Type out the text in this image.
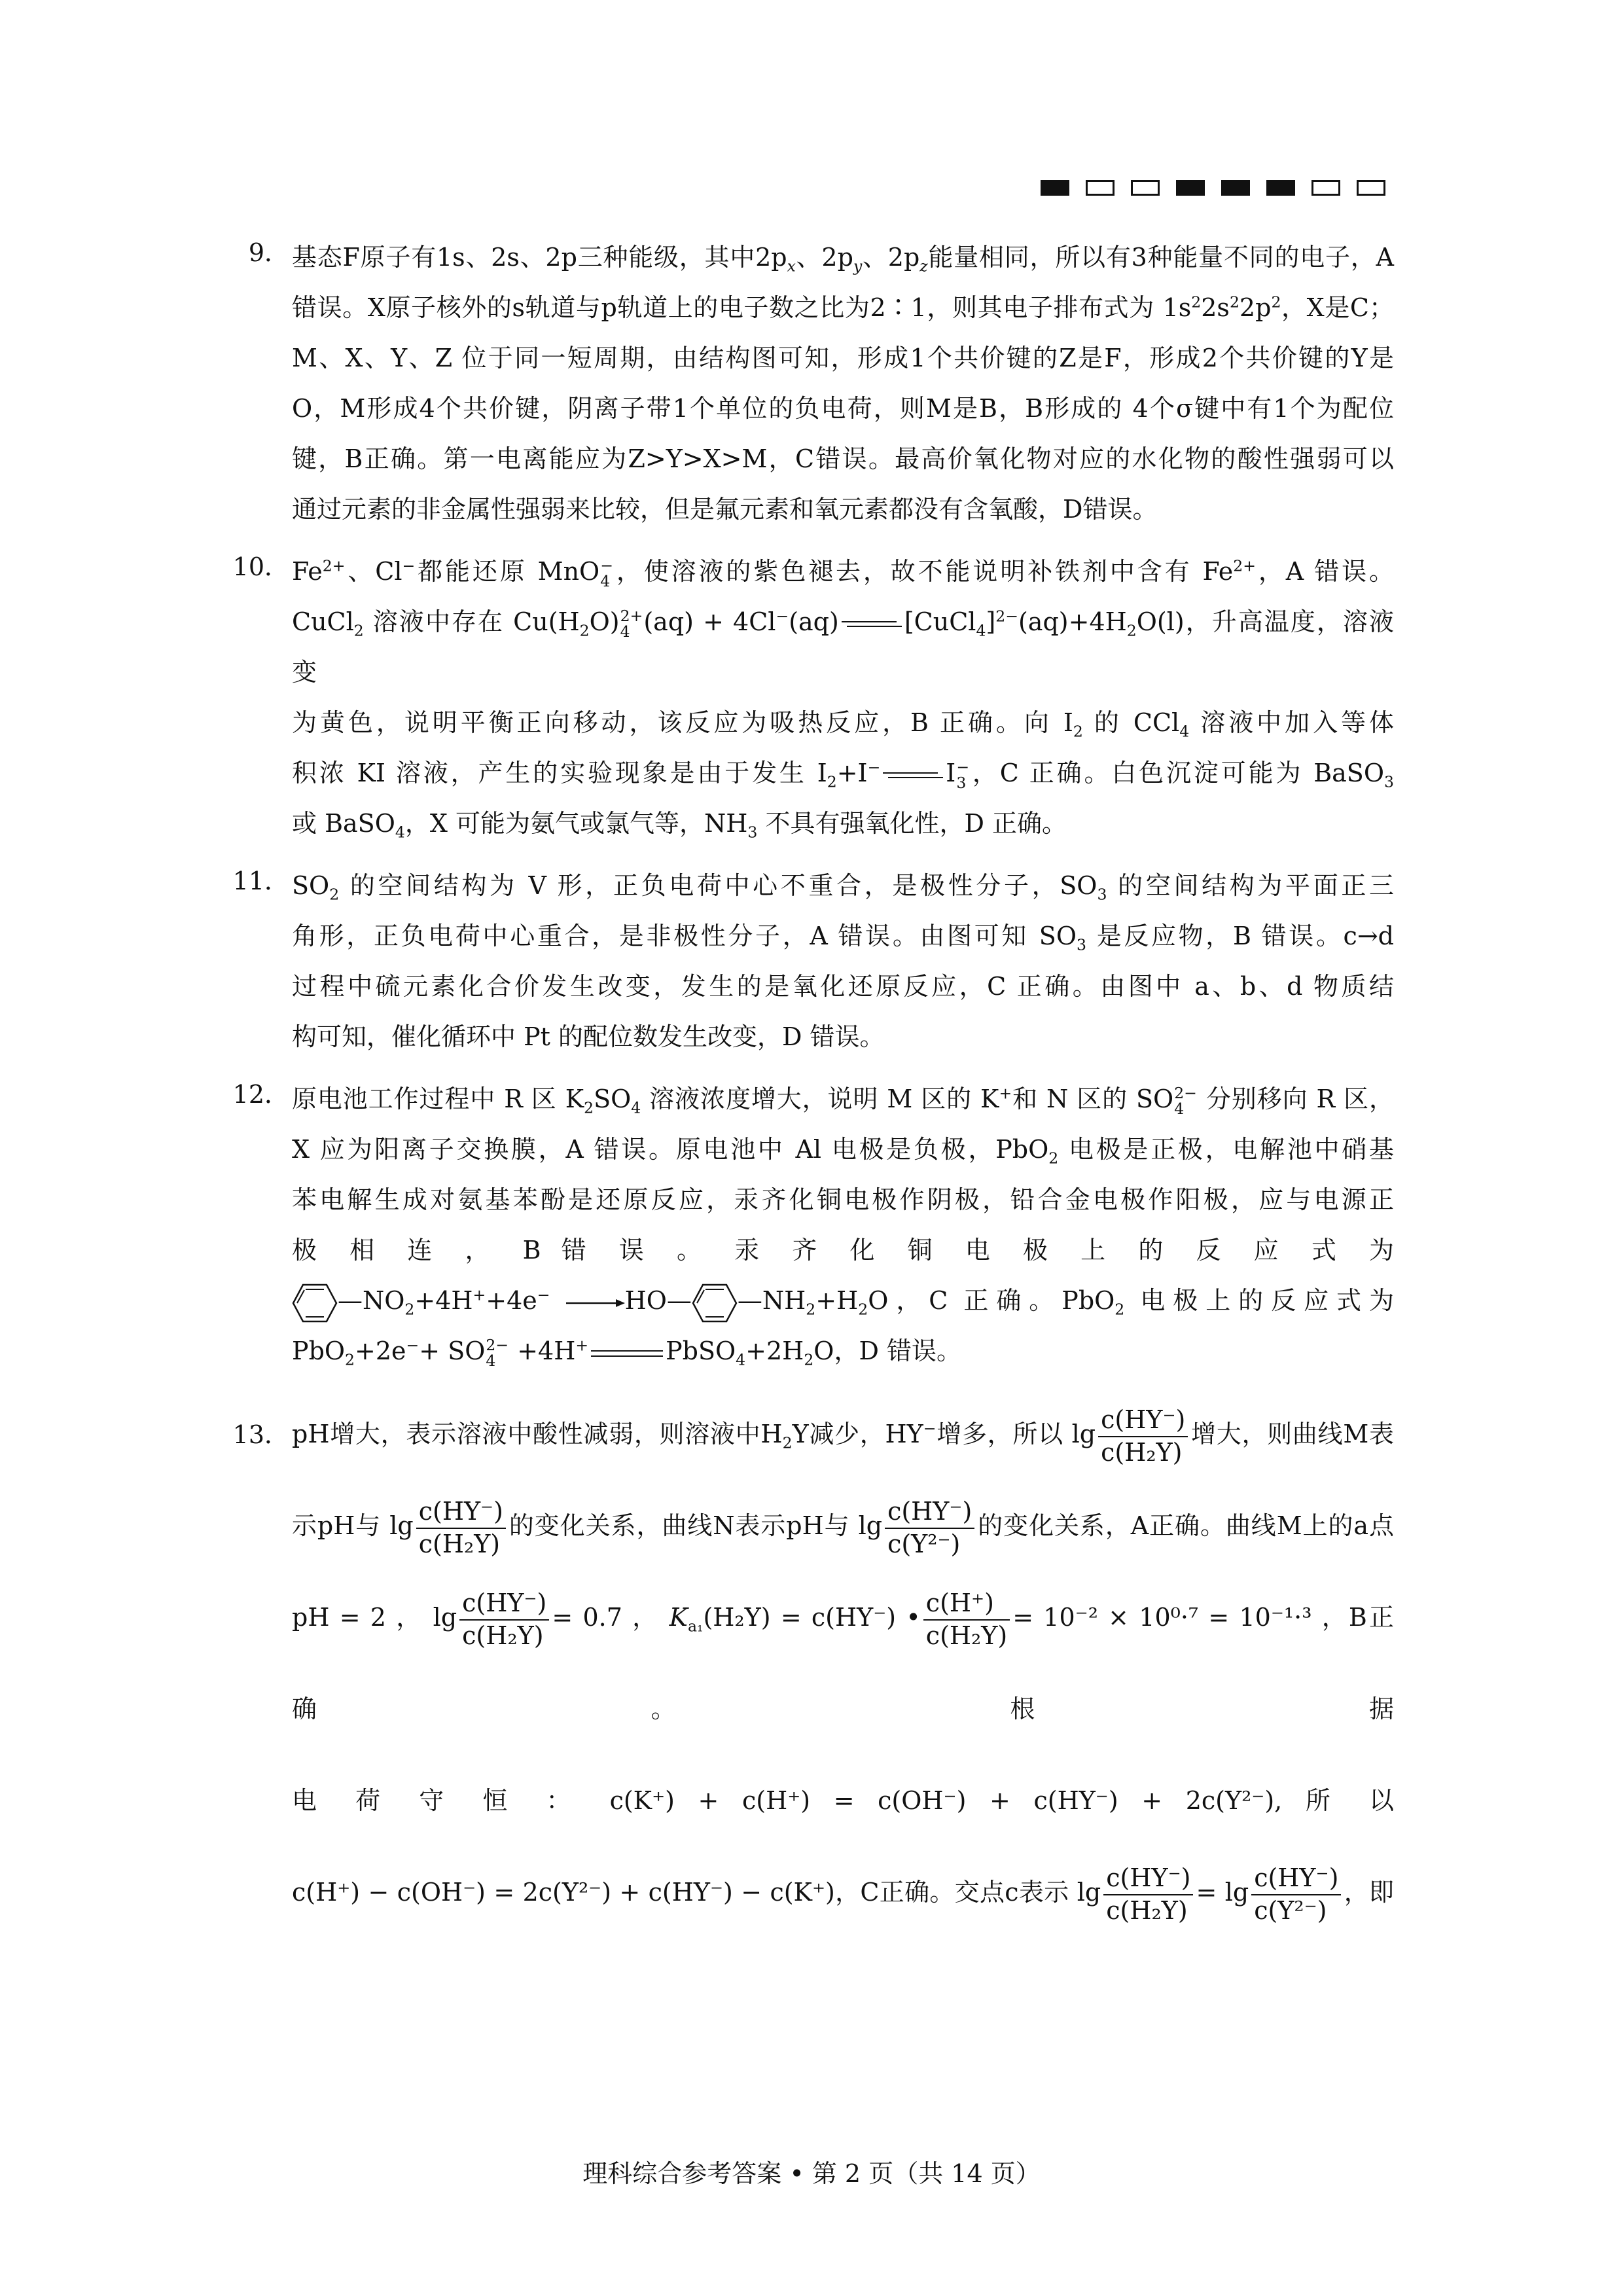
9． 基态F原子有1s、2s、2p三种能级，其中$2p_x$、$2p_y$、$2p_z$能量相同，所以有3种能量不同的电子，A

错误。X原子核外的s轨道与p轨道上的电子数之比为2∶1，则其电子排布式为 $1s^22s^22p^2$，X是C；

M、X、Y、Z 位于同一短周期，由结构图可知，形成1个共价键的Z是F，形成2个共价键的Y是

O，M形成4个共价键，阴离子带1个单位的负电荷，则M是B，B形成的 4个σ键中有1个为配位

键，B正确。第一电离能应为Z>Y>X>M，C错误。最高价氧化物对应的水化物的酸性强弱可以

通过元素的非金属性强弱来比较，但是氟元素和氧元素都没有含氧酸，D错误。

10． $Fe^{2+}$、Cl−都能还原 MnO −
4 ，使溶液的紫色褪去，故不能说明补铁剂中含有 $Fe^{2+}$，A 错误。

CuCl$_2$ 溶液中存在 $Cu(H_2O)$ 2+
4 (aq) + 4Cl−(aq)	$[CuCl_4]^{2-}(aq)+4H_2O(l)$，升高温度，溶液变

为黄色，说明平衡正向移动，该反应为吸热反应，B 正确。向 $I_2$ 的 CCl$_4$ 溶液中加入等体

积浓 KI 溶液，产生的实验现象是由于发生 $I_2+I^-$	I −
3 ，C 正确。白色沉淀可能为 BaSO$_3$

或 BaSO$_4$，X 可能为氨气或氯气等，$NH_3$ 不具有强氧化性，D 正确。

11． $SO_2$ 的空间结构为 V 形，正负电荷中心不重合，是极性分子，$SO_3$ 的空间结构为平面正三

角形，正负电荷中心重合，是非极性分子，A 错误。由图可知 $SO_3$ 是反应物，B 错误。c→d

过程中硫元素化合价发生改变，发生的是氧化还原反应，C 正确。由图中 a、b、d 物质结

构可知，催化循环中 Pt 的配位数发生改变，D 错误。

12． 原电池工作过程中 R 区 $K_2SO_4$ 溶液浓度增大，说明 M 区的 K+和 N 区的 SO 2−
4 分别移向 R 区，

X 应为阳离子交换膜，A 错误。原电池中 Al 电极是负极，PbO$_2$ 电极是正极，电解池中硝基

苯电解生成对氨基苯酚是还原反应，汞齐化铜电极作阴极，铅合金电极作阳极，应与电源正

极 相 连 ， B 错 误 。 汞 齐 化 铜 电 极 上 的 反 应 式 为

$—NO_2+4H^++4e^-$ →HO— $—NH_2+H_2O$，C 正确。PbO$_2$ 电极上的反应式为

PbO$_2$+2e−+ SO 2−
4 +4H+	$PbSO_4+2H_2O$，D 错误。

13． pH增大，表示溶液中酸性减弱，则溶液中$H_2Y$减少，HY−增多，所以 $\lg \frac{c(HY^-)}{\text{c(H₂Y)}}$ 增大，则曲线M表

示pH与 $\lg \frac{c(HY^-)}{\text{c(H₂Y)}}$ 的变化关系，曲线N表示pH与 $\lg \frac{c(HY^-)}{\text{c(Y²⁻)}}$ 的变化关系，A正确。曲线M上的a点

pH = 2 ， $\lg \frac{c(HY^-)}{\text{c(H₂Y)}} = 0.7$ ， $K_{a_1}(H_2Y) = c(HY^-)$ • $\frac{c(H^+)}{\text{c(H₂Y)}} = 10^{-2} \times 10^0\cdot^7 = 10^{-1}\cdot^3$ ，B正确。根据

电 荷 守 恒 ： c(K⁺) + c(H⁺) = c(OH⁻) + c(HY⁻) + 2c(Y²⁻), 所 以

c(H⁺) − c(OH⁻) = 2c(Y²⁻) + c(HY⁻) − c(K⁺)，C正确。交点c表示 $\lg \frac{c(HY^-)}{\text{c(H₂Y)}} = \lg \frac{c(HY^-)}{\text{c(Y²⁻)}}$ ，即

理科综合参考答案 • 第 2 页（共 14 页）
